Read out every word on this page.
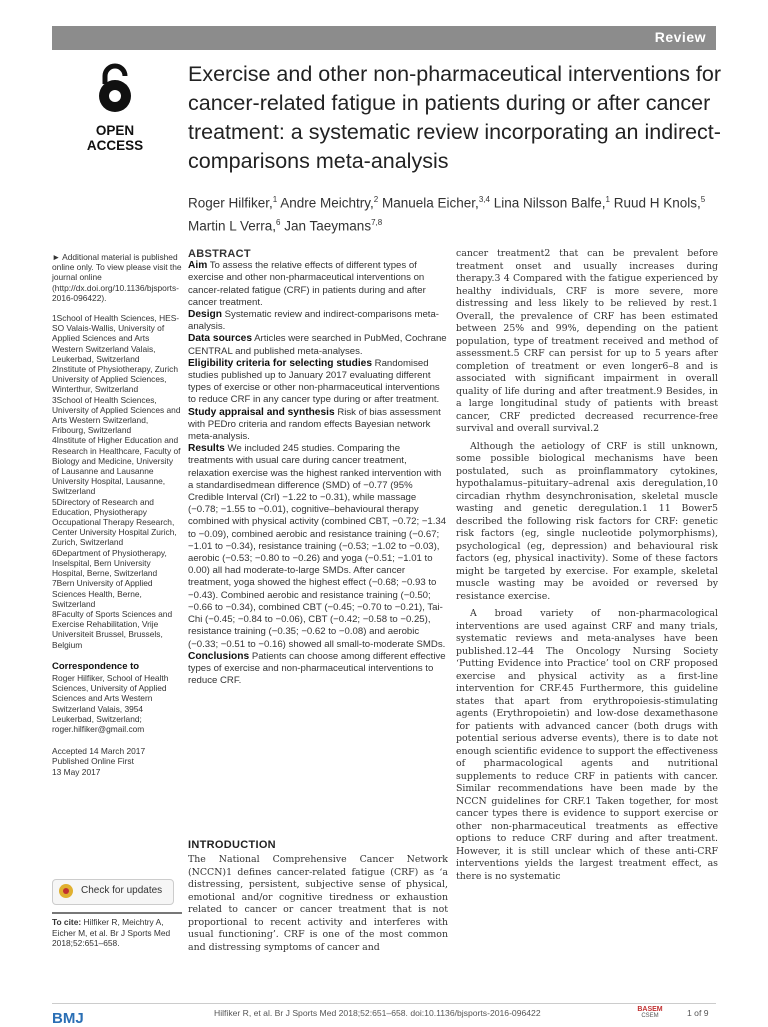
Review
OPEN ACCESS
Exercise and other non-pharmaceutical interventions for cancer-related fatigue in patients during or after cancer treatment: a systematic review incorporating an indirect-comparisons meta-analysis
Roger Hilfiker,$^1$ Andre Meichtry,$^2$ Manuela Eicher,$^{3,4}$ Lina Nilsson Balfe,$^1$ Ruud H Knols,$^5$ Martin L Verra,$^6$ Jan Taeymans$^{7,8}$

► Additional material is published online only. To view please visit the journal online (http://dx.doi.org/10.1136/bjsports-2016-096422).

1School of Health Sciences, HES-SO Valais-Wallis, University of Applied Sciences and Arts Western Switzerland Valais, Leukerbad, Switzerland

2Institute of Physiotherapy, Zurich University of Applied Sciences, Winterthur, Switzerland

3School of Health Sciences, University of Applied Sciences and Arts Western Switzerland, Fribourg, Switzerland

4Institute of Higher Education and Research in Healthcare, Faculty of Biology and Medicine, University of Lausanne and Lausanne University Hospital, Lausanne, Switzerland

5Directory of Research and Education, Physiotherapy Occupational Therapy Research, Center University Hospital Zurich, Zurich, Switzerland

6Department of Physiotherapy, Inselspital, Bern University Hospital, Berne, Switzerland

7Bern University of Applied Sciences Health, Berne, Switzerland

8Faculty of Sports Sciences and Exercise Rehabilitation, Vrije Universiteit Brussel, Brussels, Belgium

Correspondence to

Roger Hilfiker, School of Health Sciences, University of Applied Sciences and Arts Western Switzerland Valais, 3954 Leukerbad, Switzerland; roger.hilfiker@gmail.com

Accepted 14 March 2017

Published Online First

13 May 2017

Check for updates
To cite: Hilfiker R, Meichtry A, Eicher M, et al. Br J Sports Med 2018;52:651–658.

ABSTRACT

Aim To assess the relative effects of different types of exercise and other non-pharmaceutical interventions on cancer-related fatigue (CRF) in patients during and after cancer treatment.

Design Systematic review and indirect-comparisons meta-analysis.

Data sources Articles were searched in PubMed, Cochrane CENTRAL and published meta-analyses.

Eligibility criteria for selecting studies Randomised studies published up to January 2017 evaluating different types of exercise or other non-pharmaceutical interventions to reduce CRF in any cancer type during or after treatment.

Study appraisal and synthesis Risk of bias assessment with PEDro criteria and random effects Bayesian network meta-analysis.

Results We included 245 studies. Comparing the treatments with usual care during cancer treatment, relaxation exercise was the highest ranked intervention with a standardisedmean difference (SMD) of −0.77 (95% Credible Interval (CrI) −1.22 to −0.31), while massage (−0.78; −1.55 to −0.01), cognitive–behavioural therapy combined with physical activity (combined CBT, −0.72; −1.34 to −0.09), combined aerobic and resistance training (−0.67; −1.01 to −0.34), resistance training (−0.53; −1.02 to −0.03), aerobic (−0.53; −0.80 to −0.26) and yoga (−0.51; −1.01 to 0.00) all had moderate-to-large SMDs. After cancer treatment, yoga showed the highest effect (−0.68; −0.93 to −0.43). Combined aerobic and resistance training (−0.50; −0.66 to −0.34), combined CBT (−0.45; −0.70 to −0.21), Tai-Chi (−0.45; −0.84 to −0.06), CBT (−0.42; −0.58 to −0.25), resistance training (−0.35; −0.62 to −0.08) and aerobic (−0.33; −0.51 to −0.16) showed all small-to-moderate SMDs.

Conclusions Patients can choose among different effective types of exercise and non-pharmaceutical interventions to reduce CRF.

INTRODUCTION

The National Comprehensive Cancer Network (NCCN)1 defines cancer-related fatigue (CRF) as ‘a distressing, persistent, subjective sense of physical, emotional and/or cognitive tiredness or exhaustion related to cancer or cancer treatment that is not proportional to recent activity and interferes with usual functioning’. CRF is one of the most common and distressing symptoms of cancer and

cancer treatment2 that can be prevalent before treatment onset and usually increases during therapy.3 4 Compared with the fatigue experienced by healthy individuals, CRF is more severe, more distressing and less likely to be relieved by rest.1 Overall, the prevalence of CRF has been estimated between 25% and 99%, depending on the patient population, type of treatment received and method of assessment.5 CRF can persist for up to 5 years after completion of treatment or even longer6–8 and is associated with significant impairment in overall quality of life during and after treatment.9 Besides, in a large longitudinal study of patients with breast cancer, CRF predicted decreased recurrence-free survival and overall survival.2

Although the aetiology of CRF is still unknown, some possible biological mechanisms have been postulated, such as proinflammatory cytokines, hypothalamus–pituitary–adrenal axis deregulation,10 circadian rhythm desynchronisation, skeletal muscle wasting and genetic deregulation.1 11 Bower5 described the following risk factors for CRF: genetic risk factors (eg, single nucleotide polymorphisms), psychological (eg, depression) and behavioural risk factors (eg, physical inactivity). Some of these factors might be targeted by exercise. For example, skeletal muscle wasting may be avoided or reversed by resistance exercise.

A broad variety of non-pharmacological interventions are used against CRF and many trials, systematic reviews and meta-analyses have been published.12–44 The Oncology Nursing Society ‘Putting Evidence into Practice’ tool on CRF proposed exercise and physical activity as a first-line intervention for CRF.45 Furthermore, this guideline states that apart from erythropoiesis-stimulating agents (Erythropoietin) and low-dose dexamethasone for patients with advanced cancer (both drugs with potential serious adverse events), there is to date not enough scientific evidence to support the effectiveness of pharmacological agents and nutritional supplements to reduce CRF in patients with cancer. Similar recommendations have been made by the NCCN guidelines for CRF.1 Taken together, for most cancer types there is evidence to support exercise or other non-pharmaceutical treatments as effective options to reduce CRF during and after treatment. However, it is still unclear which of these anti-CRF interventions yields the largest treatment effect, as there is no systematic

BMJ	Hilfiker R, et al. Br J Sports Med 2018;52:651–658. doi:10.1136/bjsports-2016-096422	BASEM
CSEM	1 of 9
